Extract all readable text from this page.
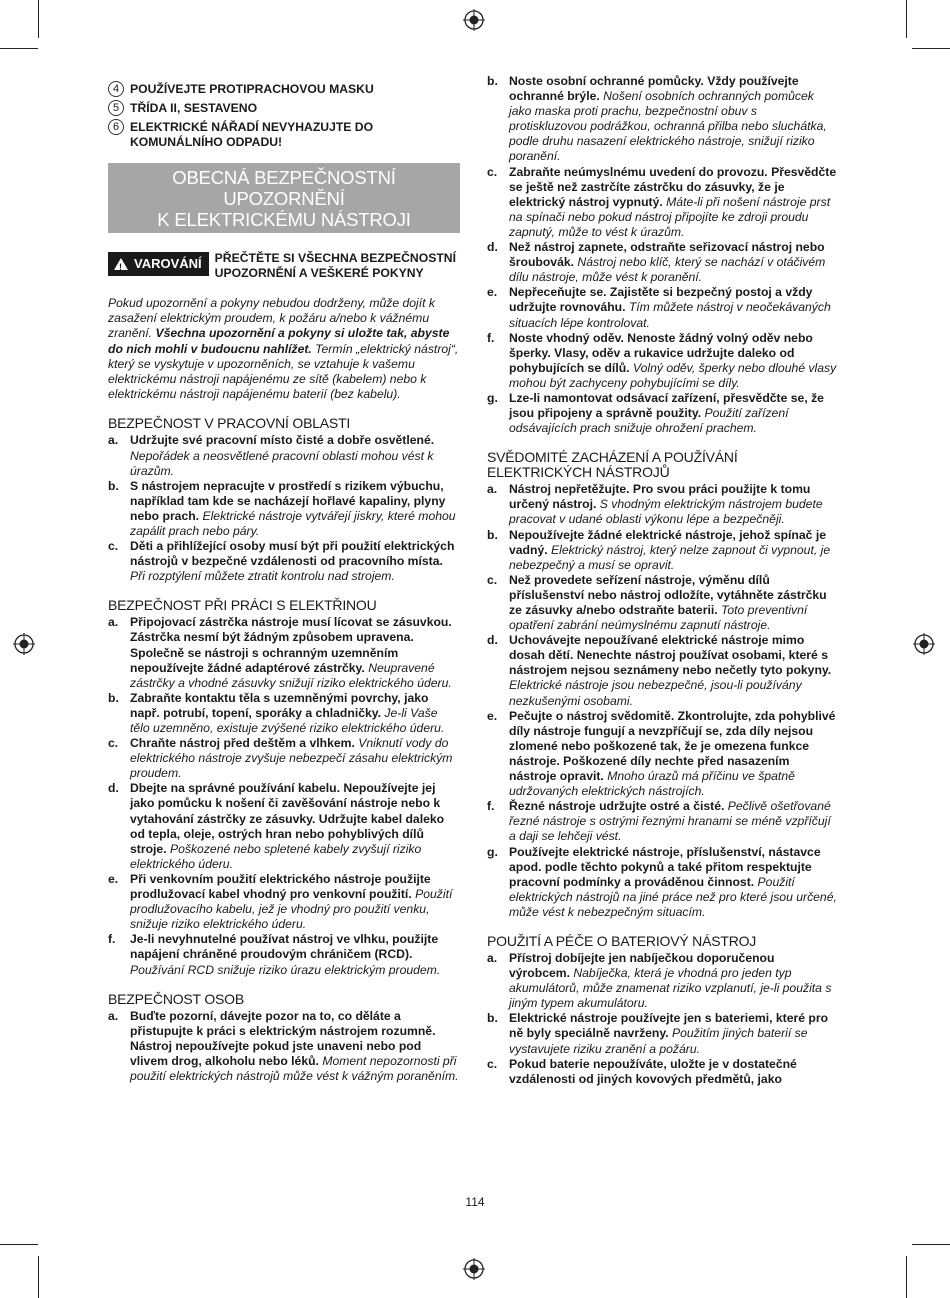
4 POUŽÍVEJTE PROTIPRACHOVOU MASKU
5 TŘÍDA II, SESTAVENO
6 ELEKTRICKÉ NÁŘADÍ NEVYHAZUJTE DO KOMUNÁLNÍHO ODPADU!
OBECNÁ BEZPEČNOSTNÍ UPOZORNĚNÍ
K ELEKTRICKÉMU NÁSTROJI
! VAROVÁNÍ PŘEČTĚTE SI VŠECHNA BEZPEČNOSTNÍ UPOZORNĚNÍ A VEŠKERÉ POKYNY
Pokud upozornění a pokyny nebudou dodrženy, může dojít k zasažení elektrickým proudem, k požáru a/nebo k vážnému zranění. Všechna upozornění a pokyny si uložte tak, abyste do nich mohli v budoucnu nahlížet. Termín „elektrický nástroj“, který se vyskytuje v upozorněních, se vztahuje k vašemu elektrickému nástroji napájenému ze sítě (kabelem) nebo k elektrickému nástroji napájenému baterií (bez kabelu).
BEZPEČNOST V PRACOVNÍ OBLASTI
a. Udržujte své pracovní místo čisté a dobře osvětlené. Nepořádek a neosvětlené pracovní oblasti mohou vést k úrazům.
b. S nástrojem nepracujte v prostředí s rizikem výbuchu, například tam kde se nacházejí hořlavé kapaliny, plyny nebo prach. Elektrické nástroje vytvářejí jiskry, které mohou zapálit prach nebo páry.
c. Děti a přihlížející osoby musí být při použití elektrických nástrojů v bezpečné vzdálenosti od pracovního místa. Při rozptýlení můžete ztratit kontrolu nad strojem.
BEZPEČNOST PŘI PRÁCI S ELEKTŘINOU
a. Připojovací zástrčka nástroje musí lícovat se zásuvkou. Zástrčka nesmí být žádným způsobem upravena. Společně se nástroji s ochranným uzemněním nepoužívejte žádné adaptérové zástrčky. Neupravené zástrčky a vhodné zásuvky snižují riziko elektrického úderu.
b. Zabraňte kontaktu těla s uzemněnými povrchy, jako např. potrubí, topení, sporáky a chladničky. Je-li Vaše tělo uzemněno, existuje zvýšené riziko elektrického úderu.
c. Chraňte nástroj před deštěm a vlhkem. Vniknutí vody do elektrického nástroje zvyšuje nebezpečí zásahu elektrickým proudem.
d. Dbejte na správné používání kabelu. Nepoužívejte jej jako pomůcku k nošení či zavěšování nástroje nebo k vytahování zástrčky ze zásuvky. Udržujte kabel daleko od tepla, oleje, ostrých hran nebo pohyblivých dílů stroje. Poškozené nebo spletené kabely zvyšují riziko elektrického úderu.
e. Při venkovním použití elektrického nástroje použijte prodlužovací kabel vhodný pro venkovní použití. Použití prodlužovacího kabelu, jež je vhodný pro použití venku, snižuje riziko elektrického úderu.
f.	Je-li nevyhnutelné používat nástroj ve vlhku, použijte napájení chráněné proudovým chráničem (RCD). Používání RCD snižuje riziko úrazu elektrickým proudem.
BEZPEČNOST OSOB
a. Buďte pozorní, dávejte pozor na to, co děláte a přistupujte k práci s elektrickým nástrojem rozumně. Nástroj nepoužívejte pokud jste unaveni nebo pod vlivem drog, alkoholu nebo léků. Moment nepozornosti při použití elektrických nástrojů může vést k vážným poraněním.
b. Noste osobní ochranné pomůcky. Vždy používejte ochranné brýle. Nošení osobních ochranných pomůcek jako maska proti prachu, bezpečnostní obuv s protiskluzovou podrážkou, ochranná přilba nebo sluchátka, podle druhu nasazení elektrického nástroje, snižují riziko poranění.
c. Zabraňte neúmyslnému uvedení do provozu. Přesvědčte se ještě než zastrčíte zástrčku do zásuvky, že je elektrický nástroj vypnutý. Máte-li při nošení nástroje prst na spínači nebo pokud nástroj připojíte ke zdroji proudu zapnutý, může to vést k úrazům.
d. Než nástroj zapnete, odstraňte seřizovací nástroj nebo šroubovák. Nástroj nebo klíč, který se nachází v otáčivém dílu nástroje, může vést k poranění.
e. Nepřeceňujte se. Zajistěte si bezpečný postoj a vždy udržujte rovnováhu. Tím můžete nástroj v neočekávaných situacích lépe kontrolovat.
f.	Noste vhodný oděv. Nenoste žádný volný oděv nebo šperky. Vlasy, oděv a rukavice udržujte daleko od pohybujících se dílů. Volný oděv, šperky nebo dlouhé vlasy mohou být zachyceny pohybujícími se díly.
g. Lze-li namontovat odsávací zařízení, přesvědčte se, že jsou připojeny a správně použity. Použití zařízení odsávajících prach snižuje ohrožení prachem.
SVĚDOMITÉ ZACHÁZENÍ A POUŽÍVÁNÍ ELEKTRICKÝCH NÁSTROJŮ
a. Nástroj nepřetěžujte. Pro svou práci použijte k tomu určený nástroj. S vhodným elektrickým nástrojem budete pracovat v udané oblasti výkonu lépe a bezpečněji.
b. Nepoužívejte žádné elektrické nástroje, jehož spínač je vadný. Elektrický nástroj, který nelze zapnout či vypnout, je nebezpečný a musí se opravit.
c. Než provedete seřízení nástroje, výměnu dílů příslušenství nebo nástroj odložíte, vytáhněte zástrčku ze zásuvky a/nebo odstraňte baterii. Toto preventivní opatření zabrání neúmyslnému zapnutí nástroje.
d. Uchovávejte nepoužívané elektrické nástroje mimo dosah dětí. Nenechte nástroj používat osobami, které s nástrojem nejsou seznámeny nebo nečetly tyto pokyny. Elektrické nástroje jsou nebezpečné, jsou-li používány nezkušenými osobami.
e. Pečujte o nástroj svědomitě. Zkontrolujte, zda pohyblivé díly nástroje fungují a nevzpříčují se, zda díly nejsou zlomené nebo poškozené tak, že je omezena funkce nástroje. Poškozené díly nechte před nasazením nástroje opravit. Mnoho úrazů má příčinu ve špatně udržovaných elektrických nástrojích.
f.	Řezné nástroje udržujte ostré a čisté. Pečlivě ošetřované řezné nástroje s ostrými řeznými hranami se méně vzpříčují a daji se lehčeji vést.
g. Používejte elektrické nástroje, příslušenství, nástavce apod. podle těchto pokynů a také přitom respektujte pracovní podmínky a prováděnou činnost. Použití elektrických nástrojů na jiné práce než pro které jsou určené, může vést k nebezpečným situacím.
POUŽITÍ A PÉČE O BATERIOVÝ NÁSTROJ
a. Přístroj dobíjejte jen nabíječkou doporučenou výrobcem. Nabíječka, která je vhodná pro jeden typ akumulátorů, může znamenat riziko vzplanutí, je-li použita s jiným typem akumulátoru.
b. Elektrické nástroje používejte jen s bateriemi, které pro ně byly speciálně navrženy. Použitím jiných baterií se vystavujete riziku zranění a požáru.
c. Pokud baterie nepoužíváte, uložte je v dostatečné vzdálenosti od jiných kovových předmětů, jako
114
